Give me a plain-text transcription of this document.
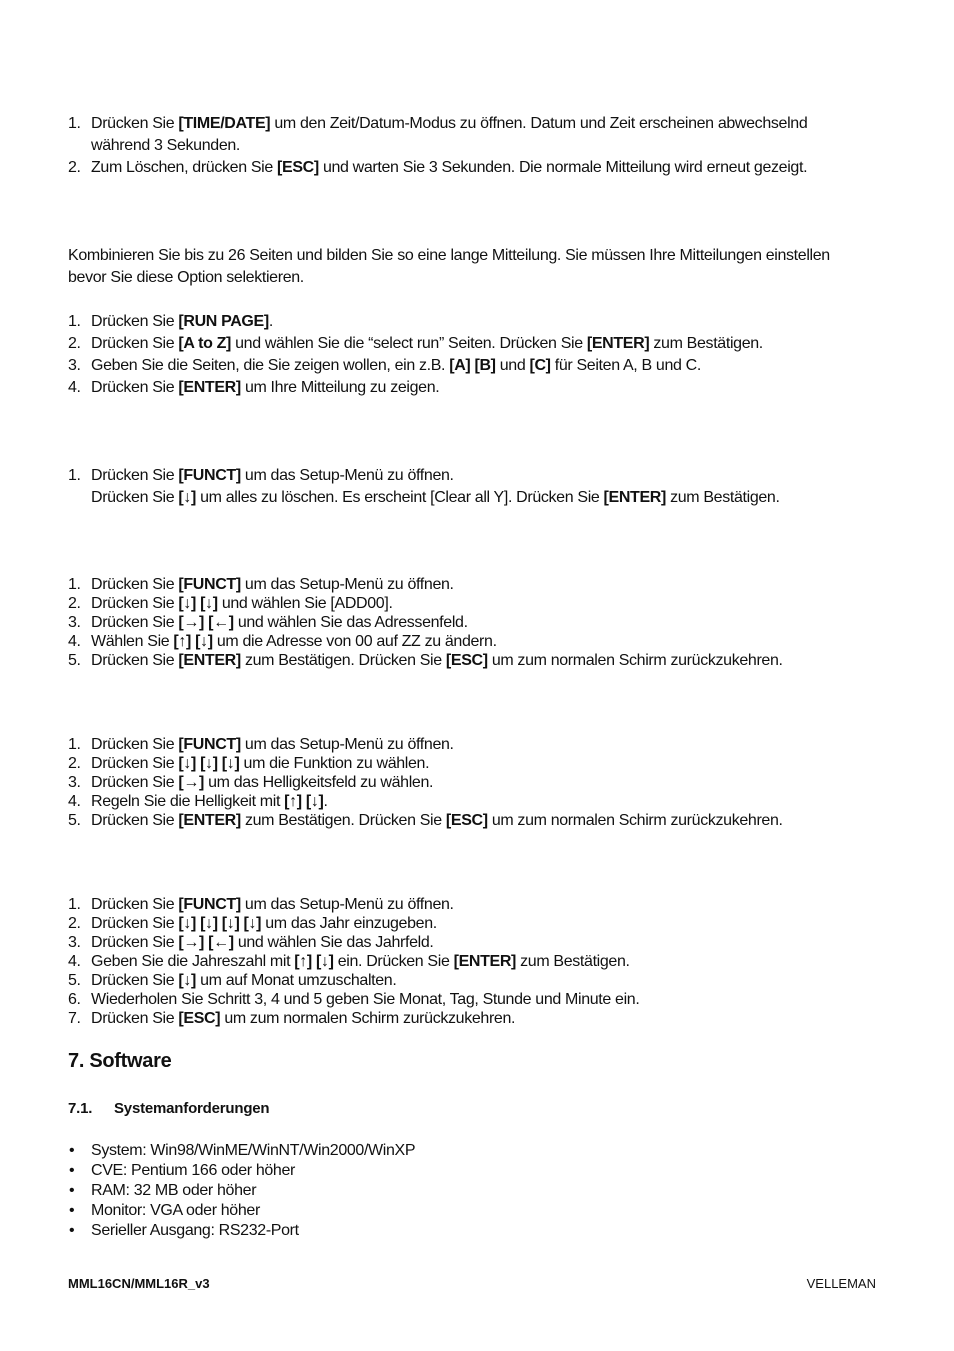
1. Drücken Sie [TIME/DATE] um den Zeit/Datum-Modus zu öffnen. Datum und Zeit erscheinen abwechselnd
während 3 Sekunden.
2. Zum Löschen, drücken Sie [ESC] und warten Sie 3 Sekunden. Die normale Mitteilung wird erneut gezeigt.

Kombinieren Sie bis zu 26 Seiten und bilden Sie so eine lange Mitteilung. Sie müssen Ihre Mitteilungen einstellen bevor Sie diese Option selektieren.

1. Drücken Sie [RUN PAGE].
2. Drücken Sie [A to Z] und wählen Sie die “select run” Seiten. Drücken Sie [ENTER] zum Bestätigen.
3. Geben Sie die Seiten, die Sie zeigen wollen, ein z.B. [A] [B] und [C] für Seiten A, B und C.
4. Drücken Sie [ENTER] um Ihre Mitteilung zu zeigen.
1. Drücken Sie [FUNCT] um das Setup-Menü zu öffnen.
Drücken Sie [↓] um alles zu löschen. Es erscheint [Clear all Y]. Drücken Sie [ENTER] zum Bestätigen.
1. Drücken Sie [FUNCT] um das Setup-Menü zu öffnen.
2. Drücken Sie [↓] [↓] und wählen Sie [ADD00].
3. Drücken Sie [→] [←] und wählen Sie das Adressenfeld.
4. Wählen Sie [↑] [↓] um die Adresse von 00 auf ZZ zu ändern.
5. Drücken Sie [ENTER] zum Bestätigen. Drücken Sie [ESC] um zum normalen Schirm zurückzukehren.
1. Drücken Sie [FUNCT] um das Setup-Menü zu öffnen.
2. Drücken Sie [↓] [↓] [↓] um die Funktion zu wählen.
3. Drücken Sie [→] um das Helligkeitsfeld zu wählen.
4. Regeln Sie die Helligkeit mit [↑] [↓].
5. Drücken Sie [ENTER] zum Bestätigen. Drücken Sie [ESC] um zum normalen Schirm zurückzukehren.
1. Drücken Sie [FUNCT] um das Setup-Menü zu öffnen.
2. Drücken Sie [↓] [↓] [↓] [↓] um das Jahr einzugeben.
3. Drücken Sie [→] [←] und wählen Sie das Jahrfeld.
4. Geben Sie die Jahreszahl mit [↑] [↓] ein. Drücken Sie [ENTER] zum Bestätigen.
5. Drücken Sie [↓] um auf Monat umzuschalten.
6. Wiederholen Sie Schritt 3, 4 und 5 geben Sie Monat, Tag, Stunde und Minute ein.
7. Drücken Sie [ESC] um zum normalen Schirm zurückzukehren.
7. Software
7.1. Systemanforderungen
• System: Win98/WinME/WinNT/Win2000/WinXP
• CVE: Pentium 166 oder höher
• RAM: 32 MB oder höher
• Monitor: VGA oder höher
• Serieller Ausgang: RS232-Port
MML16CN/MML16R_v3	VELLEMAN
